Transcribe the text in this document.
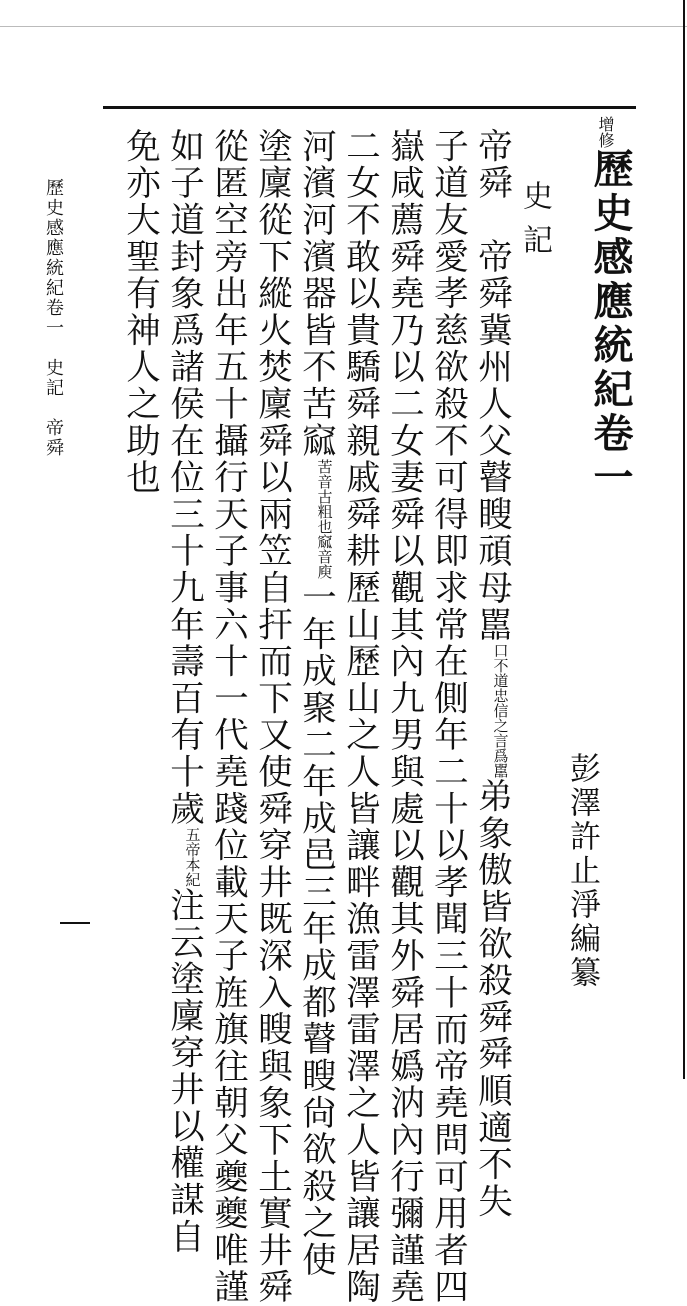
增修
歷史感應統紀卷一
史記
彭澤許止淨編纂
帝舜　帝舜冀州人父瞽瞍頑母嚚口不道忠信之言爲嚚弟象傲皆欲殺舜舜順適不失
子道友愛孝慈欲殺不可得即求常在側年二十以孝聞三十而帝堯問可用者四
嶽咸薦舜堯乃以二女妻舜以觀其內九男與處以觀其外舜居嬀汭內行彌謹堯
二女不敢以貴驕舜親戚舜耕歷山歷山之人皆讓畔漁雷澤雷澤之人皆讓居陶
河濱河濱器皆不苦窳苦音古粗也窳音庾一年成聚二年成邑三年成都瞽瞍尙欲殺之使
塗廩從下縱火焚廩舜以兩笠自扞而下又使舜穿井既深入瞍與象下土實井舜
從匿空旁出年五十攝行天子事六十一代堯踐位載天子旌旗往朝父夔夔唯謹
如子道封象爲諸侯在位三十九年壽百有十歲五帝本紀注云塗廩穿井以權謀自
免亦大聖有神人之助也
歷史感應統紀卷一　史記　帝舜
